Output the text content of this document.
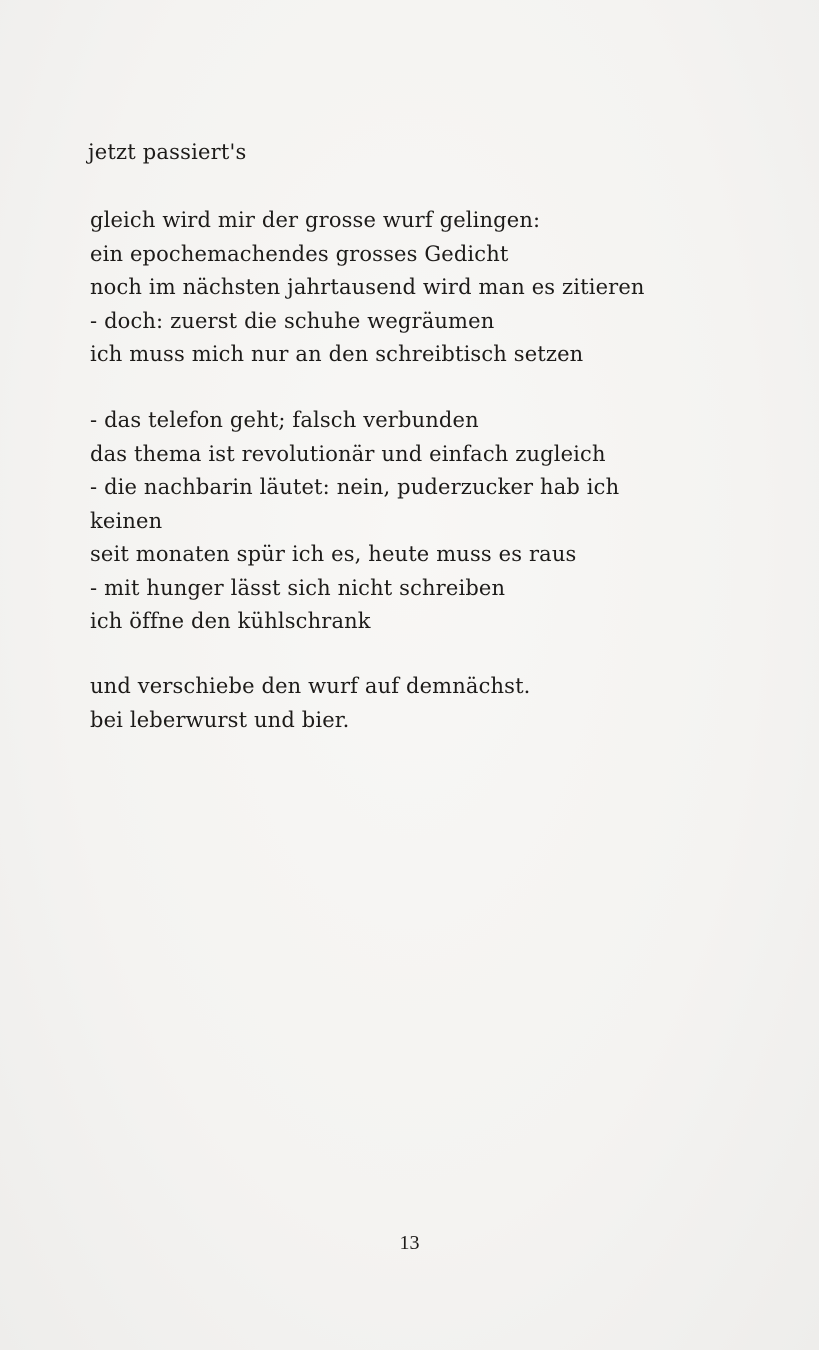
jetzt passiert's
gleich wird mir der grosse wurf gelingen:
ein epochemachendes grosses Gedicht
noch im nächsten jahrtausend wird man es zitieren
- doch: zuerst die schuhe wegräumen
ich muss mich nur an den schreibtisch setzen
- das telefon geht; falsch verbunden
das thema ist revolutionär und einfach zugleich
- die nachbarin läutet: nein, puderzucker hab ich
keinen
seit monaten spür ich es, heute muss es raus
- mit hunger lässt sich nicht schreiben
ich öffne den kühlschrank
und verschiebe den wurf auf demnächst.
bei leberwurst und bier.
13
